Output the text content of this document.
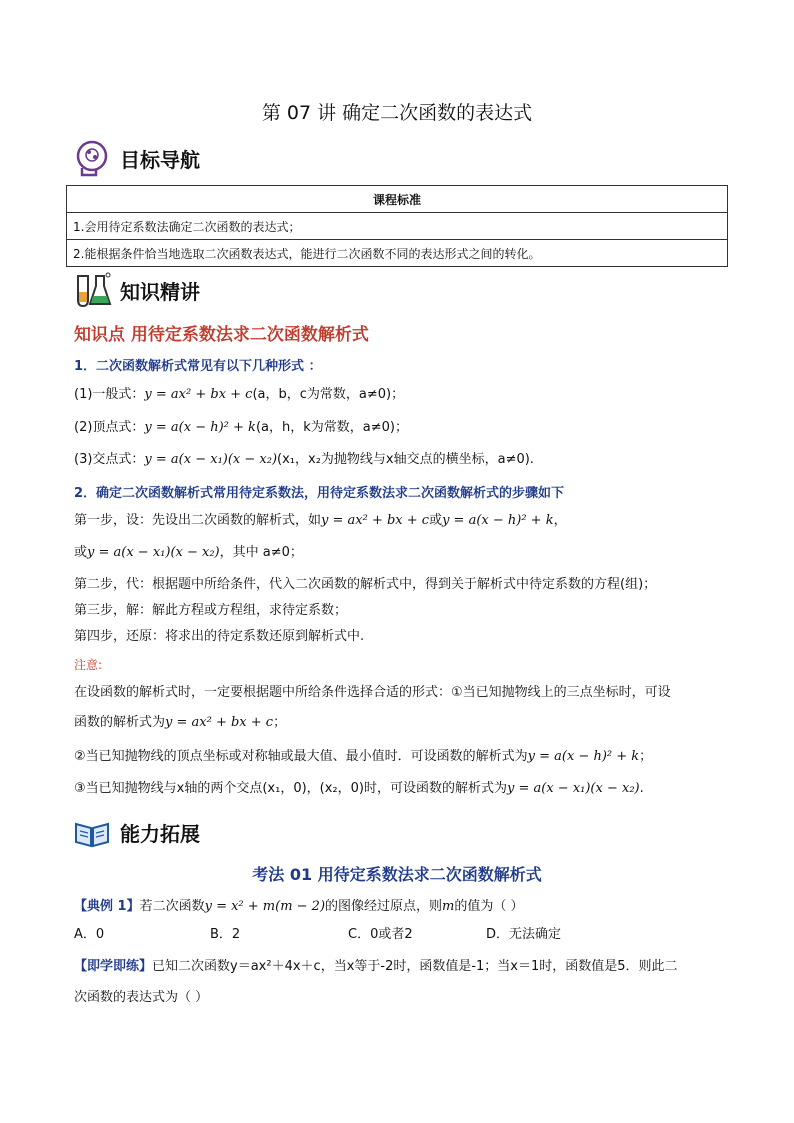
第 07 讲 确定二次函数的表达式
目标导航
课程标准
1.会用待定系数法确定二次函数的表达式；
2.能根据条件恰当地选取二次函数表达式，能进行二次函数不同的表达形式之间的转化。
知识精讲
知识点 用待定系数法求二次函数解析式
1．二次函数解析式常见有以下几种形式 ：
(1)一般式：y = ax² + bx + c(a，b，c为常数，a≠0)；
(2)顶点式：y = a(x − h)² + k(a，h，k为常数，a≠0)；
(3)交点式：y = a(x − x₁)(x − x₂)(x₁，x₂为抛物线与x轴交点的横坐标，a≠0).
2．确定二次函数解析式常用待定系数法，用待定系数法求二次函数解析式的步骤如下
第一步，设：先设出二次函数的解析式，如y = ax² + bx + c或y = a(x − h)² + k，
或y = a(x − x₁)(x − x₂)，其中 a≠0；
第二步，代：根据题中所给条件，代入二次函数的解析式中，得到关于解析式中待定系数的方程(组)；
第三步，解：解此方程或方程组，求待定系数；
第四步，还原：将求出的待定系数还原到解析式中.
注意:
在设函数的解析式时，一定要根据题中所给条件选择合适的形式：①当已知抛物线上的三点坐标时，可设
函数的解析式为y = ax² + bx + c；
②当已知抛物线的顶点坐标或对称轴或最大值、最小值时．可设函数的解析式为y = a(x − h)² + k；
③当已知抛物线与x轴的两个交点(x₁，0)，(x₂，0)时，可设函数的解析式为y = a(x − x₁)(x − x₂).
能力拓展
考法 01 用待定系数法求二次函数解析式
【典例 1】若二次函数y = x² + m(m − 2)的图像经过原点，则m的值为（ ）
A．0	B．2	C．0或者2	D．无法确定
【即学即练】已知二次函数y＝ax²＋4x＋c，当x等于-2时，函数值是-1；当x＝1时，函数值是5．则此二
次函数的表达式为（ ）
